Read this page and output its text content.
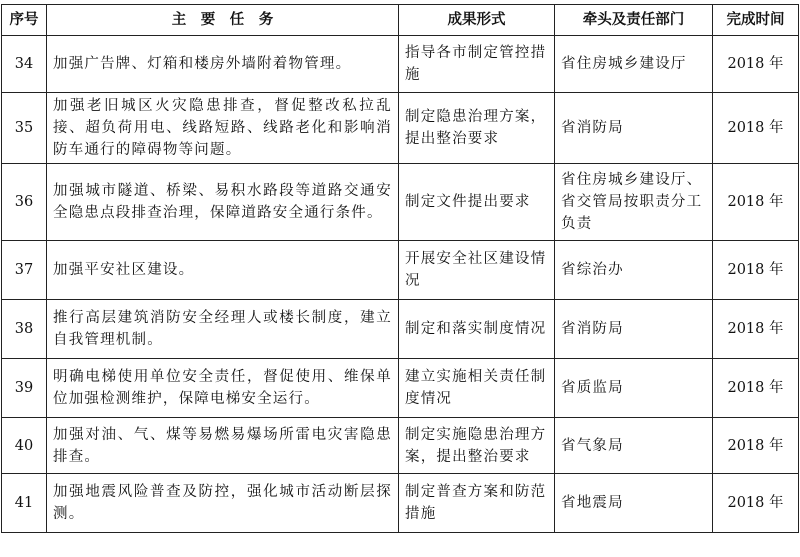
序号	主　要　任　务	成果形式	牵头及责任部门	完成时间
34	加强广告牌、灯箱和楼房外墙附着物管理。	指导各市制定管控措施	省住房城乡建设厅	2018 年
35	加强老旧城区火灾隐患排查，督促整改私拉乱接、超负荷用电、线路短路、线路老化和影响消防车通行的障碍物等问题。	制定隐患治理方案，提出整治要求	省消防局	2018 年
36	加强城市隧道、桥梁、易积水路段等道路交通安全隐患点段排查治理，保障道路安全通行条件。	制定文件提出要求	省住房城乡建设厅、省交管局按职责分工负责	2018 年
37	加强平安社区建设。	开展安全社区建设情况	省综治办	2018 年
38	推行高层建筑消防安全经理人或楼长制度，建立自我管理机制。	制定和落实制度情况	省消防局	2018 年
39	明确电梯使用单位安全责任，督促使用、维保单位加强检测维护，保障电梯安全运行。	建立实施相关责任制度情况	省质监局	2018 年
40	加强对油、气、煤等易燃易爆场所雷电灾害隐患排查。	制定实施隐患治理方案，提出整治要求	省气象局	2018 年
41	加强地震风险普查及防控，强化城市活动断层探测。	制定普查方案和防范措施	省地震局	2018 年
